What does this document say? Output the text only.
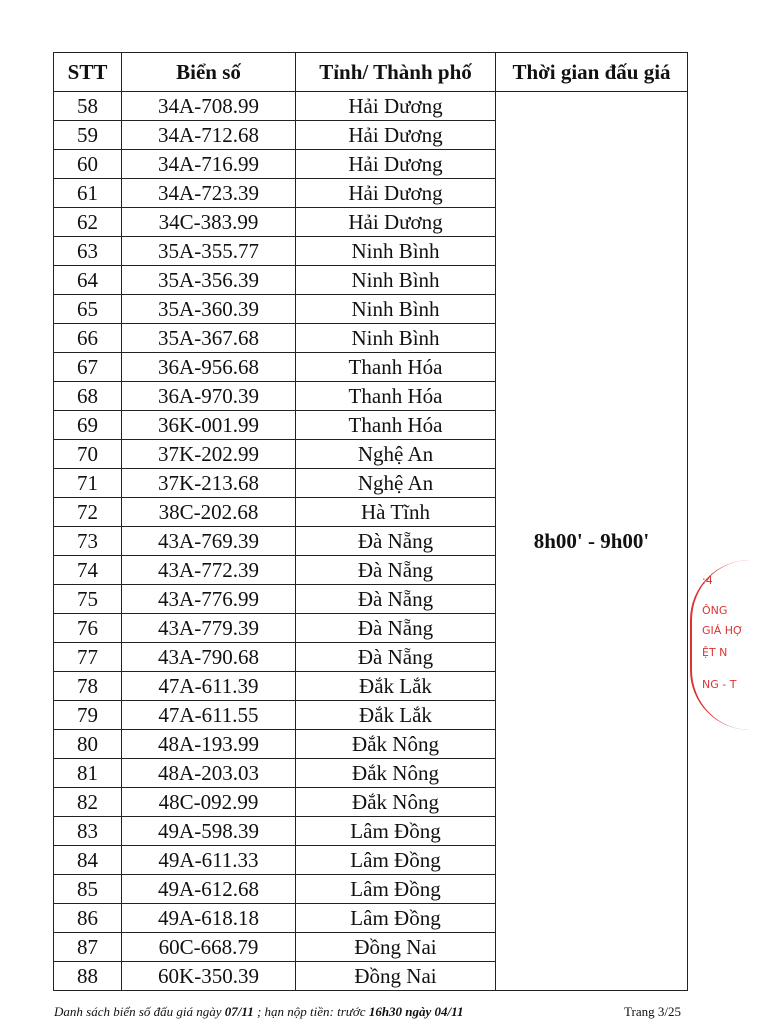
STT	Biển số	Tỉnh/ Thành phố	Thời gian đấu giá
58	34A-708.99	Hải Dương	8h00' - 9h00'
59	34A-712.68	Hải Dương	
60	34A-716.99	Hải Dương	
61	34A-723.39	Hải Dương	
62	34C-383.99	Hải Dương	
63	35A-355.77	Ninh Bình	
64	35A-356.39	Ninh Bình	
65	35A-360.39	Ninh Bình	
66	35A-367.68	Ninh Bình	
67	36A-956.68	Thanh Hóa	
68	36A-970.39	Thanh Hóa	
69	36K-001.99	Thanh Hóa	
70	37K-202.99	Nghệ An	
71	37K-213.68	Nghệ An	
72	38C-202.68	Hà Tĩnh	
73	43A-769.39	Đà Nẵng	
74	43A-772.39	Đà Nẵng	
75	43A-776.99	Đà Nẵng	
76	43A-779.39	Đà Nẵng	
77	43A-790.68	Đà Nẵng	
78	47A-611.39	Đắk Lắk	
79	47A-611.55	Đắk Lắk	
80	48A-193.99	Đắk Nông	
81	48A-203.03	Đắk Nông	
82	48C-092.99	Đắk Nông	
83	49A-598.39	Lâm Đồng	
84	49A-611.33	Lâm Đồng	
85	49A-612.68	Lâm Đồng	
86	49A-618.18	Lâm Đồng	
87	60C-668.79	Đồng Nai	
88	60K-350.39	Đồng Nai	
Danh sách biển số đấu giá ngày 07/11 ; hạn nộp tiền: trước 16h30 ngày 04/11	Trang 3/25
:4
ÔNG
GIÁ HỢ
ỆT N
NG - T
